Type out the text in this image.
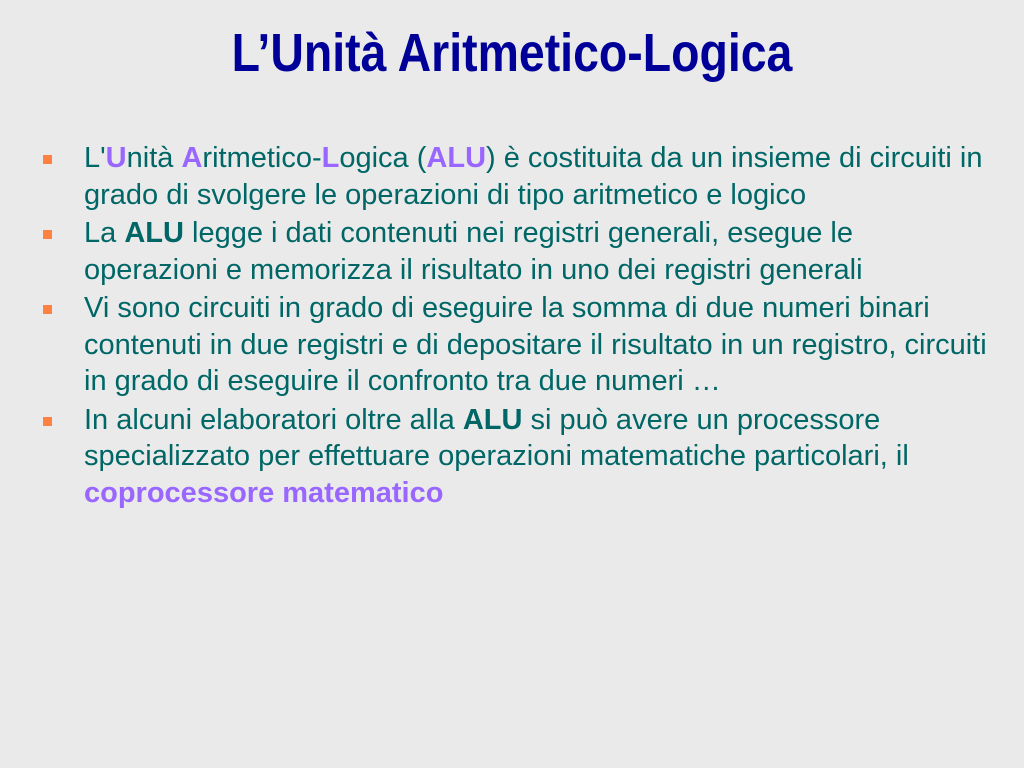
L’Unità Aritmetico-Logica
L'Unità Aritmetico-Logica (ALU) è costituita da un insieme di circuiti in grado di svolgere le operazioni di tipo aritmetico e logico
La ALU legge i dati contenuti nei registri generali, esegue le operazioni e memorizza il risultato in uno dei registri generali
Vi sono circuiti in grado di eseguire la somma di due numeri binari contenuti in due registri e di depositare il risultato in un registro, circuiti in grado di eseguire il confronto tra due numeri …
In alcuni elaboratori oltre alla ALU si può avere un processore specializzato per effettuare operazioni matematiche particolari, il coprocessore matematico
